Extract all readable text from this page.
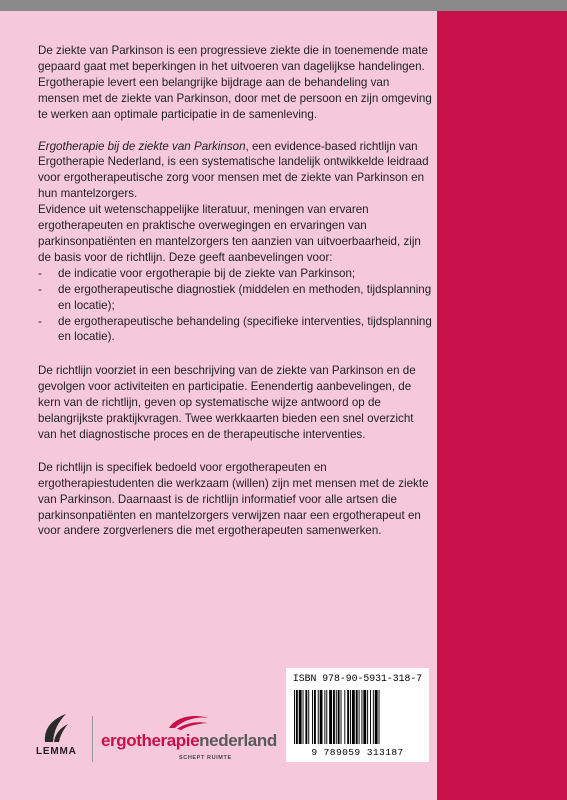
De ziekte van Parkinson is een progressieve ziekte die in toenemende mate gepaard gaat met beperkingen in het uitvoeren van dagelijkse handelingen. Ergotherapie levert een belangrijke bijdrage aan de behandeling van mensen met de ziekte van Parkinson, door met de persoon en zijn omgeving te werken aan optimale participatie in de samenleving.

Ergotherapie bij de ziekte van Parkinson, een evidence-based richtlijn van Ergotherapie Nederland, is een systematische landelijk ontwikkelde leidraad voor ergotherapeutische zorg voor mensen met de ziekte van Parkinson en hun mantelzorgers.

Evidence uit wetenschappelijke literatuur, meningen van ervaren ergotherapeuten en praktische overwegingen en ervaringen van parkinsonpatiënten en mantelzorgers ten aanzien van uitvoerbaarheid, zijn de basis voor de richtlijn. Deze geeft aanbevelingen voor:

- de indicatie voor ergotherapie bij de ziekte van Parkinson;
- de ergotherapeutische diagnostiek (middelen en methoden, tijdsplanning en locatie);
- de ergotherapeutische behandeling (specifieke interventies, tijdsplanning en locatie).

De richtlijn voorziet in een beschrijving van de ziekte van Parkinson en de gevolgen voor activiteiten en participatie. Eenendertig aanbevelingen, de kern van de richtlijn, geven op systematische wijze antwoord op de belangrijkste praktijkvragen. Twee werkkaarten bieden een snel overzicht van het diagnostische proces en de therapeutische interventies.

De richtlijn is specifiek bedoeld voor ergotherapeuten en ergotherapiestudenten die werkzaam (willen) zijn met mensen met de ziekte van Parkinson. Daarnaast is de richtlijn informatief voor alle artsen die parkinsonpatiënten en mantelzorgers verwijzen naar een ergotherapeut en voor andere zorgverleners die met ergotherapeuten samenwerken.

ISBN 978-90-5931-318-7
9 789059 313187
LEMMA
ergotherapienederland
SCHEPT RUIMTE
